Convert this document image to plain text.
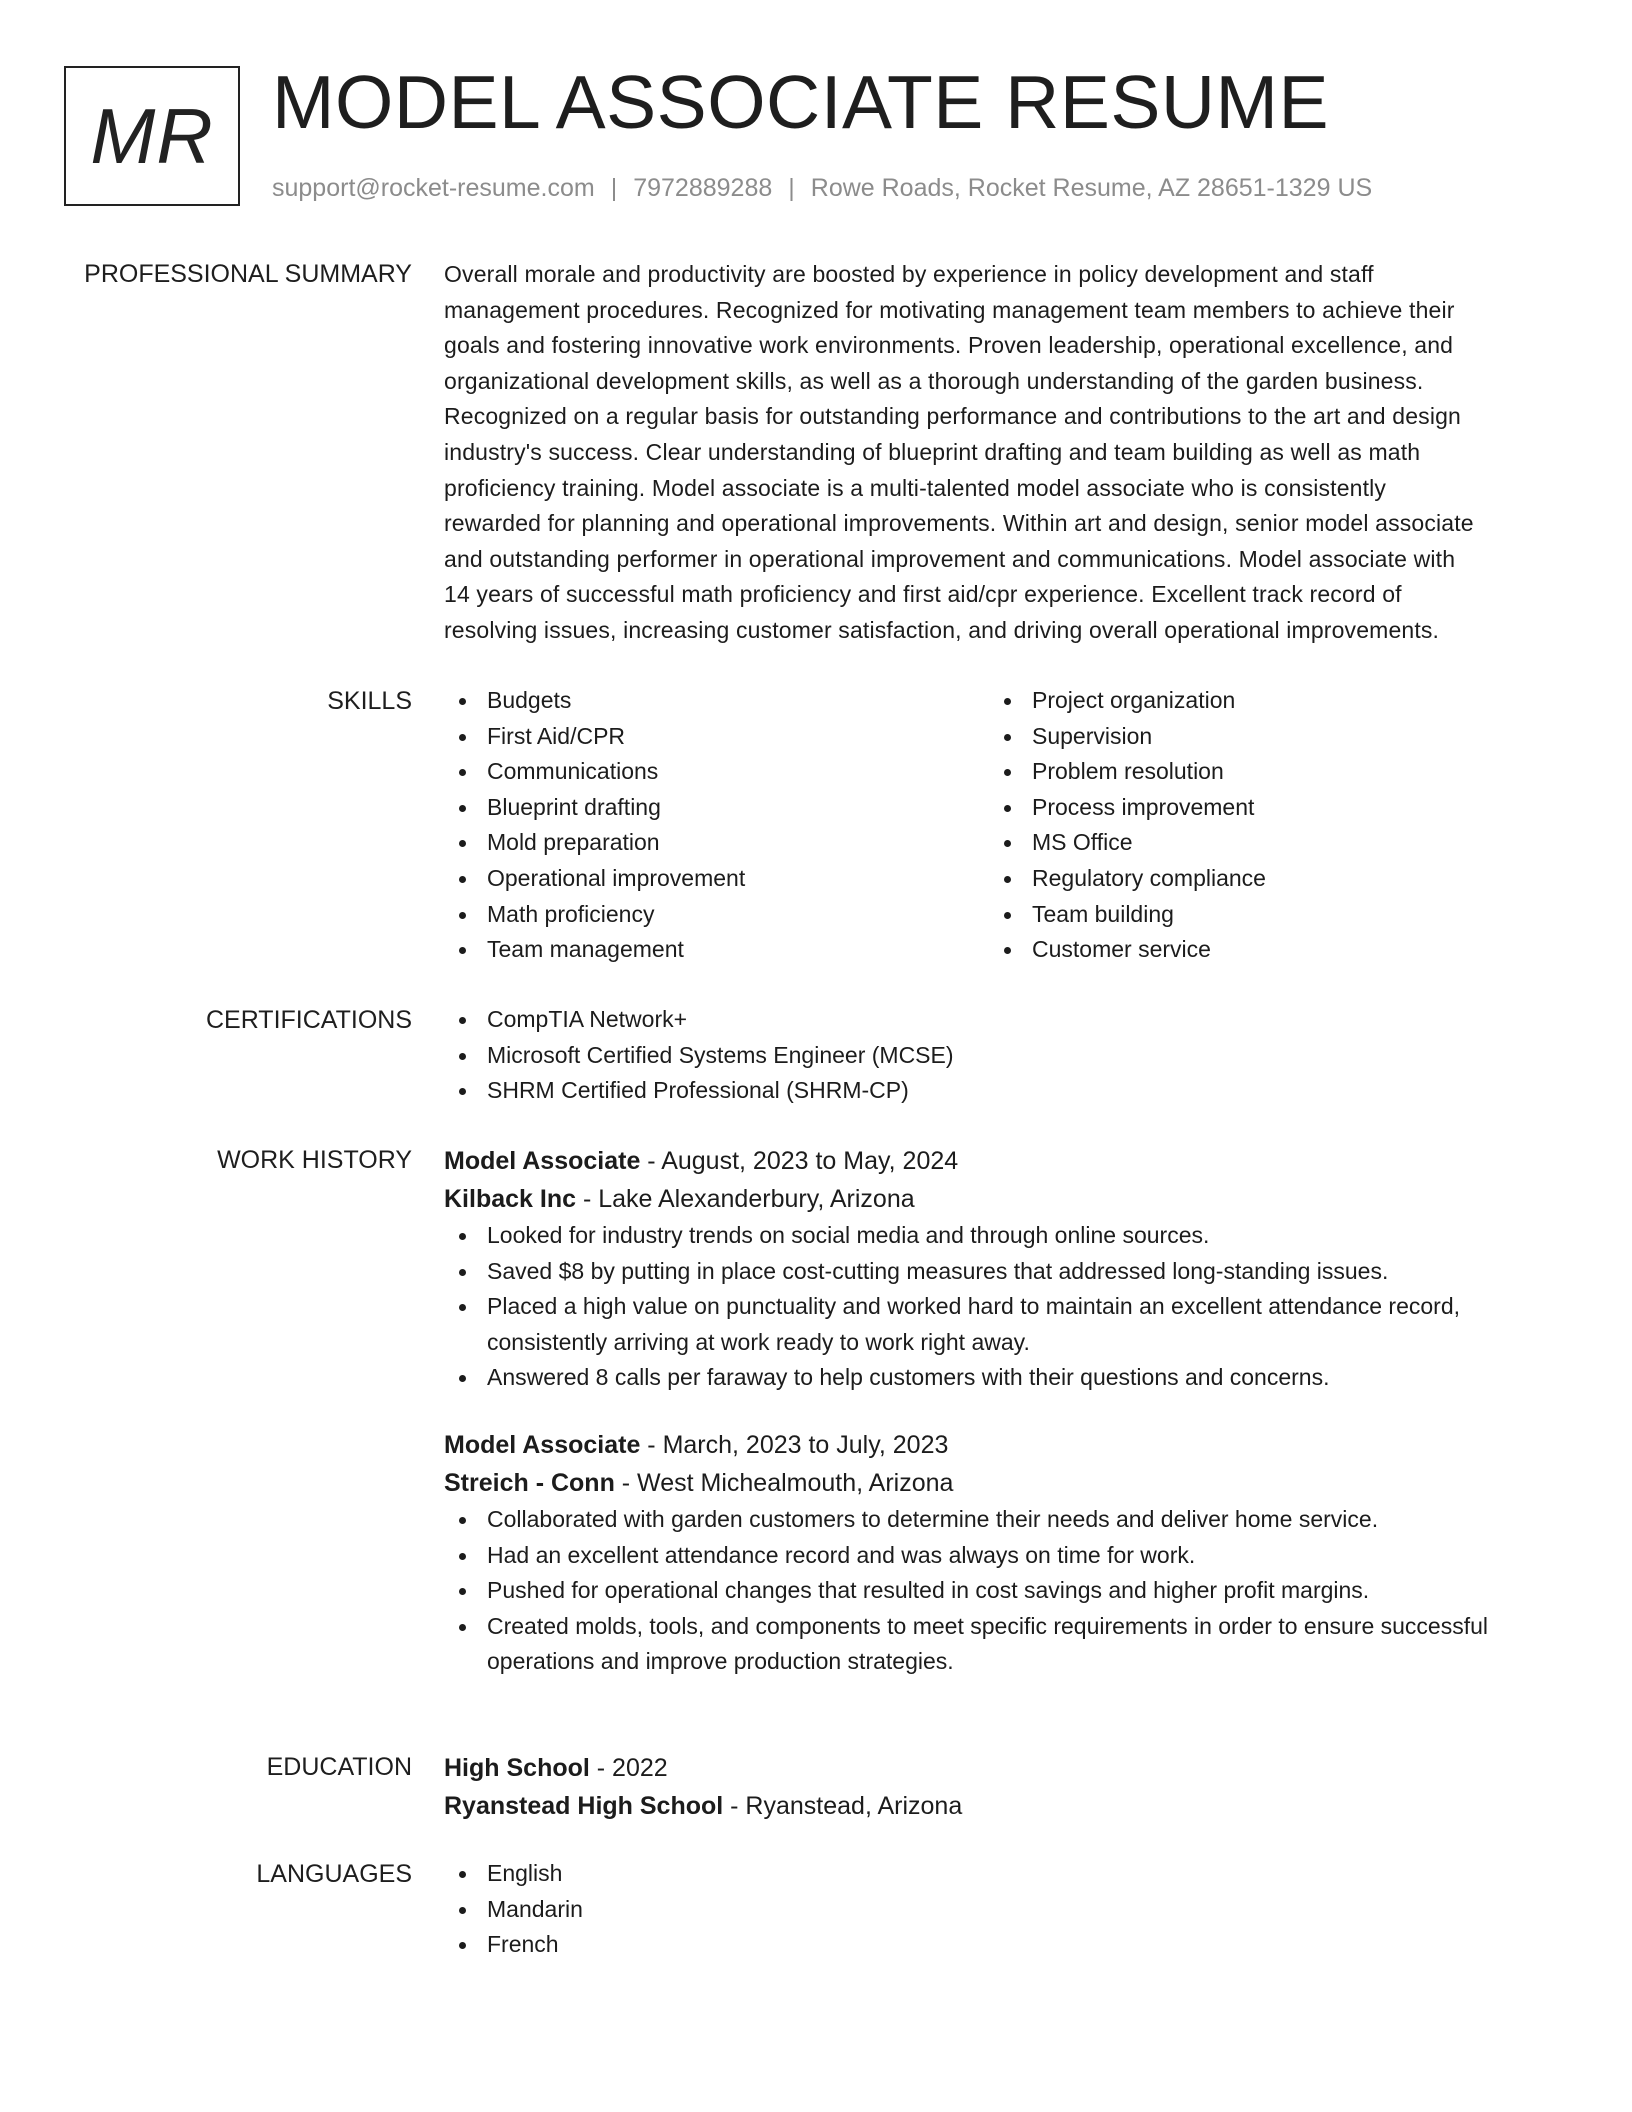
MR MODEL ASSOCIATE RESUME
support@rocket-resume.com | 7972889288 | Rowe Roads, Rocket Resume, AZ 28651-1329 US
PROFESSIONAL SUMMARY Overall morale and productivity are boosted by experience in policy development and staff
management procedures. Recognized for motivating management team members to achieve their
goals and fostering innovative work environments. Proven leadership, operational excellence, and
organizational development skills, as well as a thorough understanding of the garden business.
Recognized on a regular basis for outstanding performance and contributions to the art and design
industry's success. Clear understanding of blueprint drafting and team building as well as math
proficiency training. Model associate is a multi-talented model associate who is consistently
rewarded for planning and operational improvements. Within art and design, senior model associate
and outstanding performer in operational improvement and communications. Model associate with
14 years of successful math proficiency and first aid/cpr experience. Excellent track record of
resolving issues, increasing customer satisfaction, and driving overall operational improvements.

SKILLS	Budgets
First Aid/CPR
Communications
Blueprint drafting
Mold preparation
Operational improvement
Math proficiency
Team management
Project organization
Supervision
Problem resolution
Process improvement
MS Office
Regulatory compliance
Team building
Customer service
CERTIFICATIONS	CompTIA Network+
Microsoft Certified Systems Engineer (MCSE)
SHRM Certified Professional (SHRM-CP)
WORK HISTORY Model Associate - August, 2023 to May, 2024
Kilback Inc - Lake Alexanderbury, Arizona
Looked for industry trends on social media and through online sources.
Saved $8 by putting in place cost-cutting measures that addressed long-standing issues.
Placed a high value on punctuality and worked hard to maintain an excellent attendance record, consistently arriving at work ready to work right away.
Answered 8 calls per faraway to help customers with their questions and concerns.
Model Associate - March, 2023 to July, 2023
Streich - Conn - West Michealmouth, Arizona
Collaborated with garden customers to determine their needs and deliver home service.
Had an excellent attendance record and was always on time for work.
Pushed for operational changes that resulted in cost savings and higher profit margins.
Created molds, tools, and components to meet specific requirements in order to ensure successful operations and improve production strategies.
EDUCATION High School - 2022
Ryanstead High School - Ryanstead, Arizona
LANGUAGES	English
Mandarin
French
